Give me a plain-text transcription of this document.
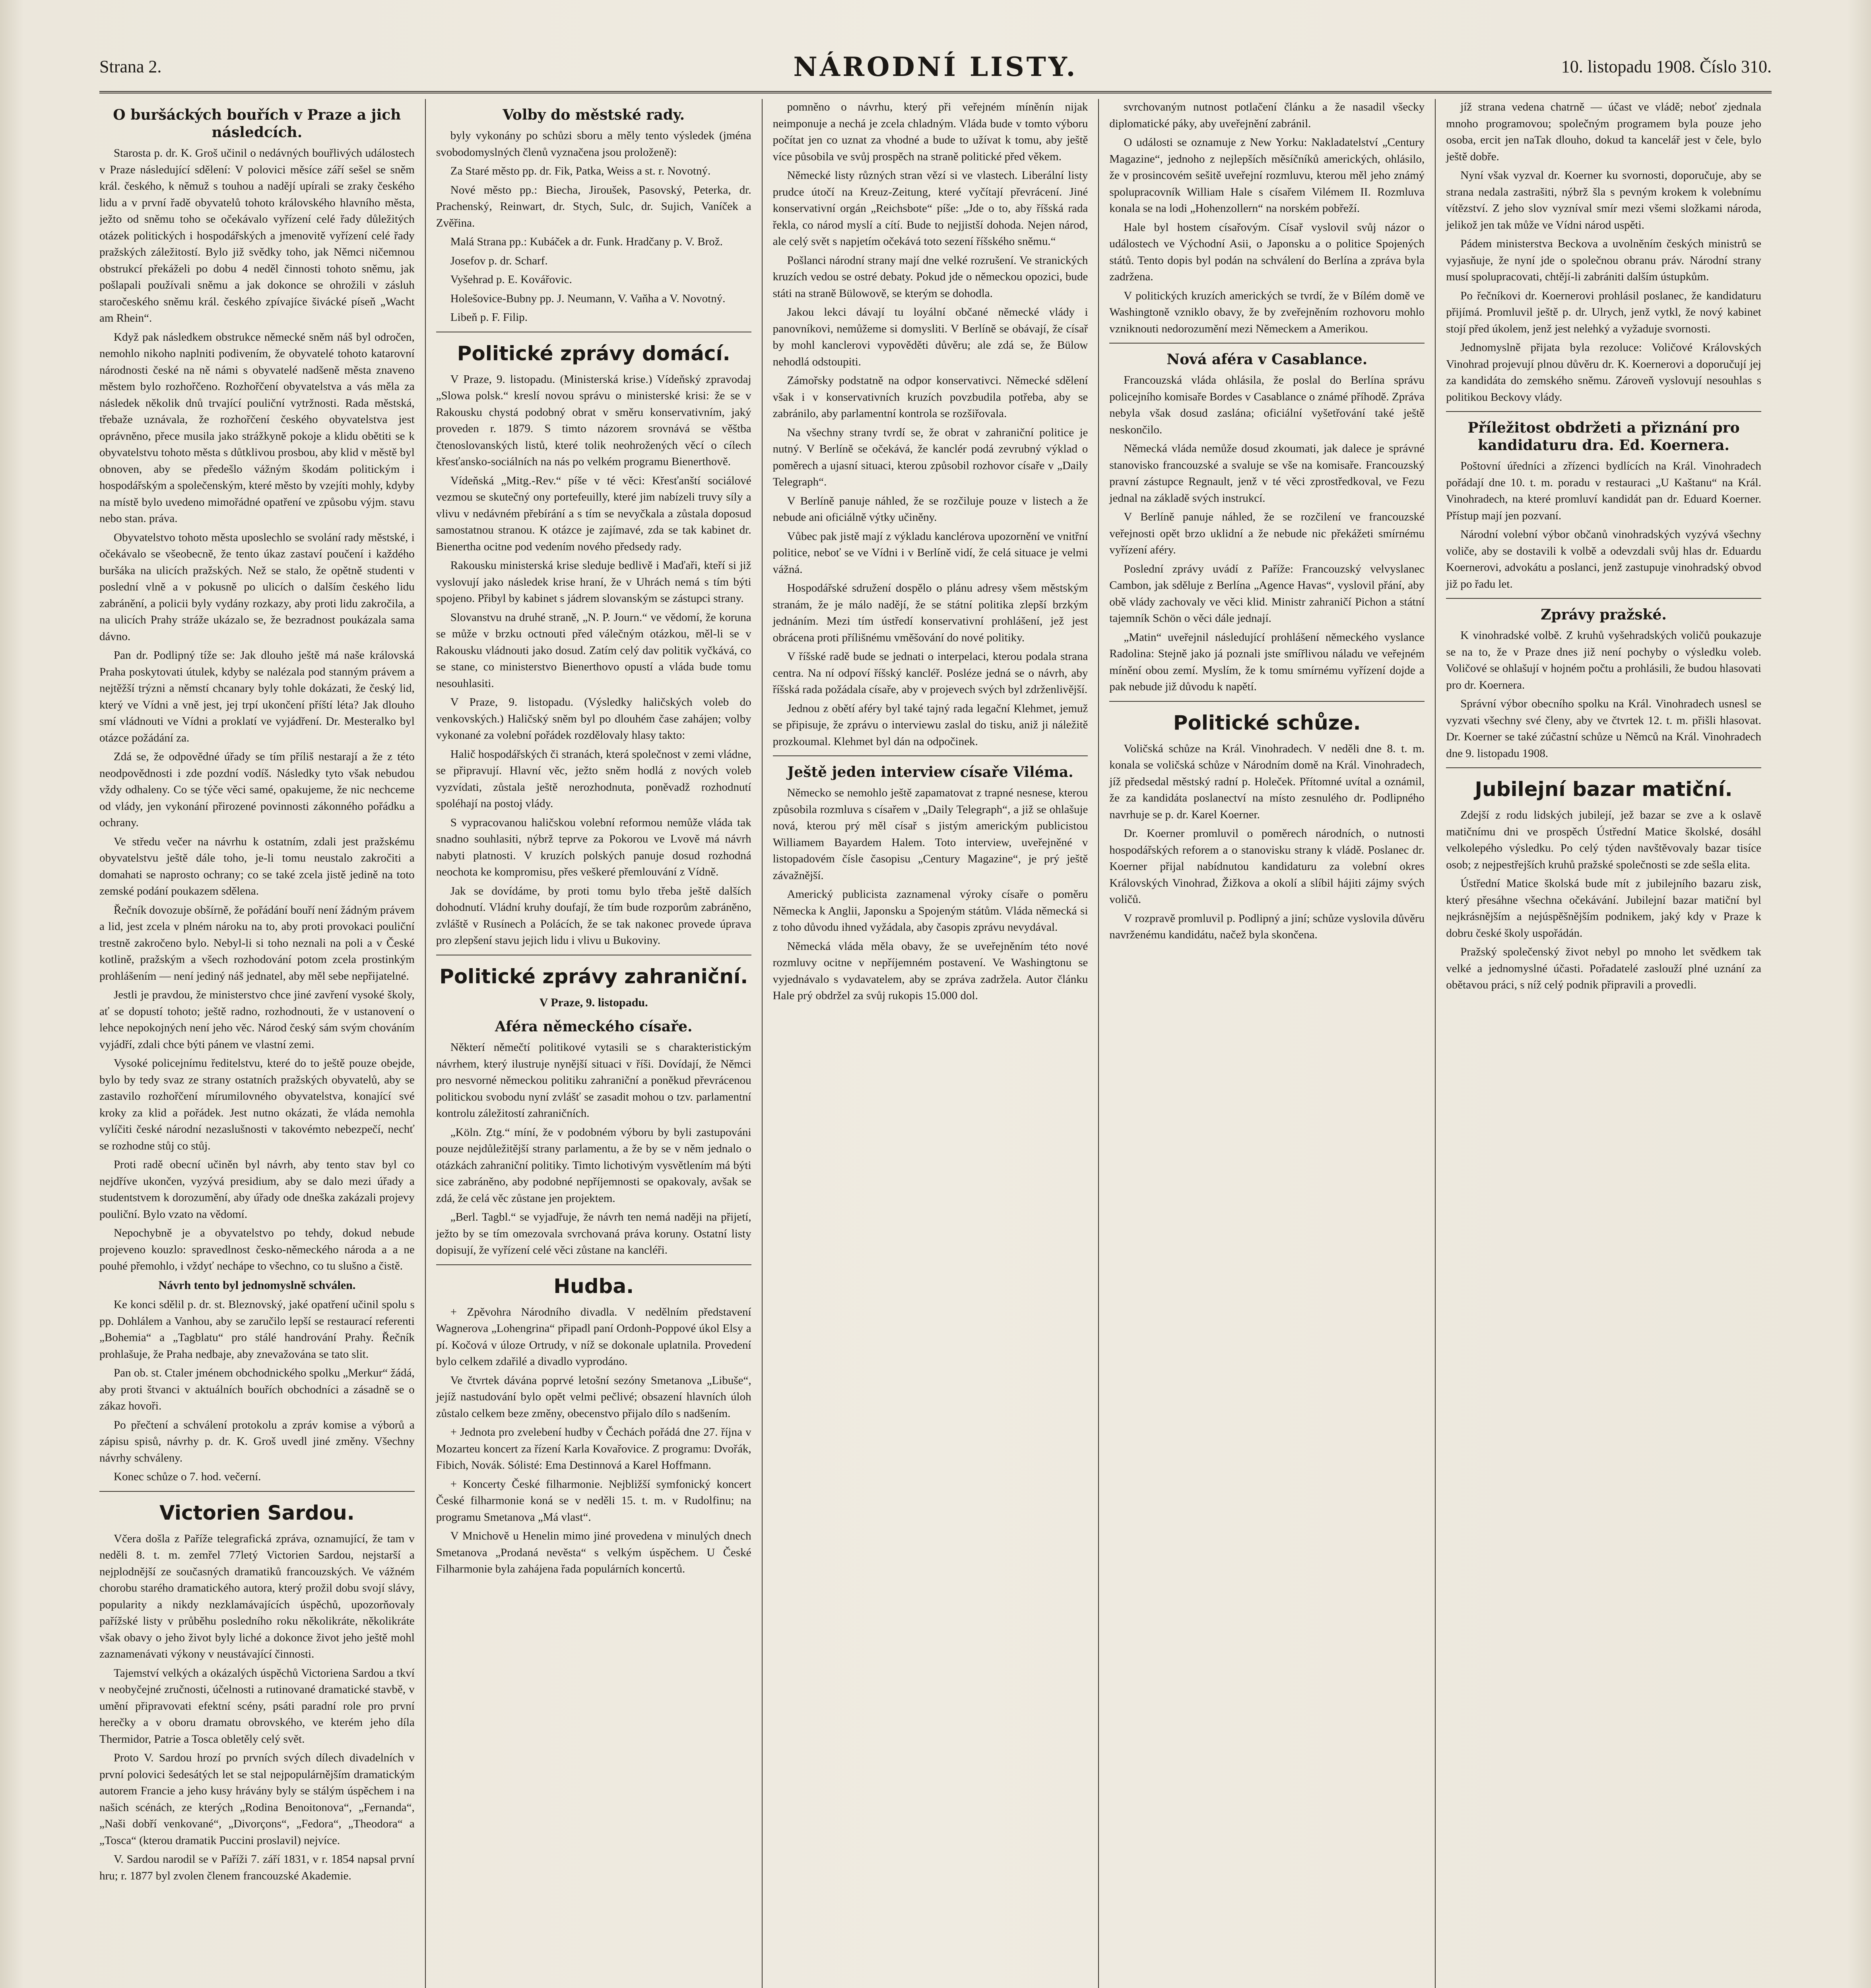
Strana 2.	NÁRODNÍ LISTY.	10. listopadu 1908. Číslo 310.
O buršáckých bouřích v Praze a jich následcích.

Starosta p. dr. K. Groš učinil o nedávných bouřlivých událostech v Praze následující sdělení: V polovici měsíce září sešel se sněm král. českého, k němuž s touhou a nadějí upírali se zraky českého lidu a v první řadě obyvatelů tohoto královského hlavního města, ježto od sněmu toho se očekávalo vyřízení celé řady důležitých otázek politických i hospodářských a jmenovitě vyřízení celé řady pražských záležitostí. Bylo již svědky toho, jak Němci ničemnou obstrukcí překáželi po dobu 4 neděl činnosti tohoto sněmu, jak pošlapali používali sněmu a jak dokonce se ohrožili v zásluh staročeského sněmu král. českého zpívajíce šivácké píseň „Wacht am Rhein“.

Když pak následkem obstrukce německé sněm náš byl odročen, nemohlo nikoho naplniti podivením, že obyvatelé tohoto katarovní národnosti české na ně námi s obyvatelé nadšeně města znaveno městem bylo rozhořčeno. Rozhořčení obyvatelstva a vás měla za následek několik dnů trvající pouliční vytržnosti. Rada městská, třebaže uznávala, že rozhořčení českého obyvatelstva jest oprávněno, přece musila jako strážkyně pokoje a klidu obětiti se k obyvatelstvu tohoto města s důtklivou prosbou, aby klid v městě byl obnoven, aby se předešlo vážným škodám politickým i hospodářským a společenským, které město by vzejíti mohly, kdyby na místě bylo uvedeno mimořádné opatření ve způsobu výjm. stavu nebo stan. práva.

Obyvatelstvo tohoto města uposlechlo se svolání rady městské, i očekávalo se všeobecně, že tento úkaz zastaví poučení i každého buršáka na ulicích pražských. Než se stalo, že opětně studenti v poslední vlně a v pokusně po ulicích o dalším českého lidu zabránění, a policii byly vydány rozkazy, aby proti lidu zakročila, a na ulicích Prahy stráže ukázalo se, že bezradnost poukázala sama dávno.

Pan dr. Podlipný tíže se: Jak dlouho ještě má naše královská Praha poskytovati útulek, kdyby se nalézala pod stanným právem a nejtěžší trýzni a němstí chcanary byly tohle dokázati, že český lid, který ve Vídni a vně jest, jej trpí ukončení příští léta? Jak dlouho smí vládnouti ve Vídni a proklatí ve vyjádření. Dr. Mesteralko byl otázce požádání za.

Zdá se, že odpovědné úřady se tím příliš nestarají a že z této neodpovědnosti i zde pozdní vodíš. Následky tyto však nebudou vždy odhaleny. Co se týče věci samé, opakujeme, že nic nechceme od vlády, jen vykonání přirozené povinnosti zákonného pořádku a ochrany.

Ve středu večer na návrhu k ostatním, zdali jest pražskému obyvatelstvu ještě dále toho, je-li tomu neustalo zakročiti a domahati se naprosto ochrany; co se také zcela jistě jedině na toto zemské podání poukazem sdělena.

Řečník dovozuje obšírně, že pořádání bouří není žádným právem a lid, jest zcela v plném nároku na to, aby proti provokaci pouliční trestně zakročeno bylo. Nebyl-li si toho neznali na poli a v České kotlině, pražským a všech rozhodování potom zcela prostinkým prohlášením — není jediný náš jednatel, aby měl sebe nepřijatelné.

Jestli je pravdou, že ministerstvo chce jiné zavření vysoké školy, ať se dopustí tohoto; ještě radno, rozhodnouti, že v ustanovení o lehce nepokojných není jeho věc. Národ český sám svým chováním vyjádří, zdali chce býti pánem ve vlastní zemi.

Vysoké policejnímu ředitelstvu, které do to ještě pouze obejde, bylo by tedy svaz ze strany ostatních pražských obyvatelů, aby se zastavilo rozhořčení mírumilovného obyvatelstva, konající své kroky za klid a pořádek. Jest nutno okázati, že vláda nemohla vylíčiti české národní nezaslušnosti v takovémto nebezpečí, nechť se rozhodne stůj co stůj.

Proti radě obecní učiněn byl návrh, aby tento stav byl co nejdříve ukončen, vyzývá presidium, aby se dalo mezi úřady a studentstvem k dorozumění, aby úřady ode dneška zakázali projevy pouliční. Bylo vzato na vědomí.

Nepochybně je a obyvatelstvo po tehdy, dokud nebude projeveno kouzlo: spravedlnost česko-německého národa a a ne pouhé přemohlo, i vždyť nechápe to všechno, co tu slušno a čistě.

Návrh tento byl jednomyslně schválen.

Ke konci sdělil p. dr. st. Bleznovský, jaké opatření učinil spolu s pp. Dohlálem a Vanhou, aby se zaručilo lepší se restaurací referenti „Bohemia“ a „Tagblatu“ pro stálé handrování Prahy. Řečník prohlašuje, že Praha nedbaje, aby znevažována se tato slit.

Pan ob. st. Ctaler jménem obchodnického spolku „Merkur“ žádá, aby proti štvanci v aktuálních bouřích obchodníci a zásadně se o zákaz hovoři.

Po přečtení a schválení protokolu a zpráv komise a výborů a zápisu spisů, návrhy p. dr. K. Groš uvedl jiné změny. Všechny návrhy schváleny.

Konec schůze o 7. hod. večerní.

Victorien Sardou.

Včera došla z Paříže telegrafická zpráva, oznamující, že tam v neděli 8. t. m. zemřel 77letý Victorien Sardou, nejstarší a nejplodnější ze současných dramatiků francouzských. Ve vážném chorobu starého dramatického autora, který prožil dobu svojí slávy, popularity a nikdy nezklamávajících úspěchů, upozorňovaly pařížské listy v průběhu posledního roku několikráte, několikráte však obavy o jeho život byly liché a dokonce život jeho ještě mohl zaznamenávati výkony v neustávající činnosti.

Tajemství velkých a okázalých úspěchů Victoriena Sardou a tkví v neobyčejné zručnosti, účelnosti a rutinované dramatické stavbě, v umění připravovati efektní scény, psáti paradní role pro první herečky a v oboru dramatu obrovského, ve kterém jeho díla Thermidor, Patrie a Tosca obletěly celý svět.

Proto V. Sardou hrozí po prvních svých dílech divadelních v první polovici šedesátých let se stal nejpopulárnějším dramatickým autorem Francie a jeho kusy hrávány byly se stálým úspěchem i na našich scénách, ze kterých „Rodina Benoitonova“, „Fernanda“, „Naši dobří venkované“, „Divorçons“, „Fedora“, „Theodora“ a „Tosca“ (kterou dramatik Puccini proslavil) nejvíce.

V. Sardou narodil se v Paříži 7. září 1831, v r. 1854 napsal první hru; r. 1877 byl zvolen členem francouzské Akademie.

Volby do městské rady.

byly vykonány po schůzi sboru a měly tento výsledek (jména svobodomyslných členů vyznačena jsou proloženě):

Za Staré město pp. dr. Fik, Patka, Weiss a st. r. Novotný.

Nové město pp.: Biecha, Jiroušek, Pasovský, Peterka, dr. Prachenský, Reinwart, dr. Stych, Sulc, dr. Sujich, Vaníček a Zvěřina.

Malá Strana pp.: Kubáček a dr. Funk. Hradčany p. V. Brož.

Josefov p. dr. Scharf.

Vyšehrad p. E. Kovářovic.

Holešovice-Bubny pp. J. Neumann, V. Vaňha a V. Novotný.

Libeň p. F. Filip.

Politické zprávy domácí.

V Praze, 9. listopadu. (Ministerská krise.) Vídeňský zpravodaj „Slowa polsk.“ kreslí novou správu o ministerské krisi: že se v Rakousku chystá podobný obrat v směru konservativním, jaký proveden r. 1879. S timto názorem srovnává se věštba čtenoslovanských listů, které tolik neohrožených věcí o cílech křesťansko-sociálních na nás po velkém programu Bienerthově.

Vídeňská „Mitg.-Rev.“ píše v té věci: Křesťanští sociálové vezmou se skutečný ony portefeuilly, které jim nabízeli truvy síly a vlivu v nedávném přebírání a s tím se nevyčkala a zůstala doposud samostatnou stranou. K otázce je zajímavé, zda se tak kabinet dr. Bienertha ocitne pod vedením nového předsedy rady.

Rakousku ministerská krise sleduje bedlivě i Maďaři, kteří si již vyslovují jako následek krise hraní, že v Uhrách nemá s tím býti spojeno. Přibyl by kabinet s jádrem slovanským se zástupci strany.

Slovanstvu na druhé straně, „N. P. Journ.“ ve vědomí, že koruna se může v brzku octnouti před válečným otázkou, měl-li se v Rakousku vládnouti jako dosud. Zatím celý dav politik vyčkává, co se stane, co ministerstvo Bienerthovo opustí a vláda bude tomu nesouhlasiti.

V Praze, 9. listopadu. (Výsledky haličských voleb do venkovských.) Haličský sněm byl po dlouhém čase zahájen; volby vykonané za volební pořádek rozdělovaly hlasy takto:

Halič hospodářských či stranách, která společnost v zemi vládne, se připravují. Hlavní věc, ježto sněm hodlá z nových voleb vyzvídati, zůstala ještě nerozhodnuta, poněvadž rozhodnutí spoléhají na postoj vlády.

S vypracovanou haličskou volební reformou nemůže vláda tak snadno souhlasiti, nýbrž teprve za Pokorou ve Lvově má návrh nabyti platnosti. V kruzích polských panuje dosud rozhodná neochota ke kompromisu, přes veškeré přemlouvání z Vídně.

Jak se dovídáme, by proti tomu bylo třeba ještě dalších dohodnutí. Vládní kruhy doufají, že tím bude rozporům zabráněno, zvláště v Rusínech a Polácích, že se tak nakonec provede úprava pro zlepšení stavu jejich lidu i vlivu u Bukoviny.

Politické zprávy zahraniční.
V Praze, 9. listopadu.
Aféra německého císaře.

Některí němečtí politikové vytasili se s charakteristickým návrhem, který ilustruje nynější situaci v říši. Dovídají, že Němci pro nesvorné německou politiku zahraniční a poněkud převrácenou politickou svobodu nyní zvlášť se zasadit mohou o tzv. parlamentní kontrolu záležitostí zahraničních.

„Köln. Ztg.“ míní, že v podobném výboru by byli zastupováni pouze nejdůležitější strany parlamentu, a že by se v něm jednalo o otázkách zahraniční politiky. Timto lichotivým vysvětlením má býti sice zabráněno, aby podobné nepříjemnosti se opakovaly, avšak se zdá, že celá věc zůstane jen projektem.

„Berl. Tagbl.“ se vyjadřuje, že návrh ten nemá naději na přijetí, ježto by se tím omezovala svrchovaná práva koruny. Ostatní listy dopisují, že vyřízení celé věci zůstane na kancléři.

Hudba.

+ Zpěvohra Národního divadla. V nedělním představení Wagnerova „Lohengrina“ připadl paní Ordonh-Poppové úkol Elsy a pí. Kočová v úloze Ortrudy, v níž se dokonale uplatnila. Provedení bylo celkem zdařilé a divadlo vyprodáno.

Ve čtvrtek dávána poprvé letošní sezóny Smetanova „Libuše“, jejíž nastudování bylo opět velmi pečlivé; obsazení hlavních úloh zůstalo celkem beze změny, obecenstvo přijalo dílo s nadšením.

+ Jednota pro zvelebení hudby v Čechách pořádá dne 27. října v Mozarteu koncert za řízení Karla Kovařovice. Z programu: Dvořák, Fibich, Novák. Sólisté: Ema Destinnová a Karel Hoffmann.

+ Koncerty České filharmonie. Nejbližší symfonický koncert České filharmonie koná se v neděli 15. t. m. v Rudolfinu; na programu Smetanova „Má vlast“.

V Mnichově u Henelin mimo jiné provedena v minulých dnech Smetanova „Prodaná nevěsta“ s velkým úspěchem. U České Filharmonie byla zahájena řada populárních koncertů.

pomněno o návrhu, který při veřejném míněnín nijak neimponuje a nechá je zcela chladným. Vláda bude v tomto výboru počítat jen co uznat za vhodné a bude to užívat k tomu, aby ještě více působila ve svůj prospěch na straně politické před věkem.

Německé listy různých stran vězí si ve vlastech. Liberální listy prudce útočí na Kreuz-Zeitung, které vyčítají převrácení. Jiné konservativní orgán „Reichsbote“ píše: „Jde o to, aby říšská rada řekla, co národ myslí a cítí. Bude to nejjistší dohoda. Nejen národ, ale celý svět s napjetím očekává toto sezení říšského sněmu.“

Pošlanci národní strany mají dne velké rozrušení. Ve stranických kruzích vedou se ostré debaty. Pokud jde o německou opozici, bude státi na straně Bülowově, se kterým se dohodla.

Jakou lekci dávají tu loyální občané německé vlády i panovníkovi, nemůžeme si domysliti. V Berlíně se obávají, že císař by mohl kanclerovi vypověděti důvěru; ale zdá se, že Bülow nehodlá odstoupiti.

Zámořsky podstatně na odpor konservativci. Německé sdělení však i v konservativních kruzích povzbudila potřeba, aby se zabránilo, aby parlamentní kontrola se rozšiřovala.

Na všechny strany tvrdí se, že obrat v zahraniční politice je nutný. V Berlíně se očekává, že kanclér podá zevrubný výklad o poměrech a ujasní situaci, kterou způsobil rozhovor císaře v „Daily Telegraph“.

V Berlíně panuje náhled, že se rozčiluje pouze v listech a že nebude ani oficiálně výtky učiněny.

Vůbec pak jistě mají z výkladu kanclérova upozornění ve vnitřní politice, neboť se ve Vídni i v Berlíně vidí, že celá situace je velmi vážná.

Hospodářské sdružení dospělo o plánu adresy všem městským stranám, že je málo nadějí, že se státní politika zlepší brzkým jednáním. Mezi tím ústředí konservativní prohlášení, jež jest obrácena proti přílišnému vměšování do nové politiky.

V říšské radě bude se jednati o interpelaci, kterou podala strana centra. Na ní odpoví říšský kancléř. Posléze jedná se o návrh, aby říšská rada požádala císaře, aby v projevech svých byl zdrženlivější.

Jednou z obětí aféry byl také tajný rada legační Klehmet, jemuž se připisuje, že zprávu o interviewu zaslal do tisku, aniž ji náležitě prozkoumal. Klehmet byl dán na odpočinek.

Ještě jeden interview císaře Viléma.

Německo se nemohlo ještě zapamatovat z trapné nesnese, kterou způsobila rozmluva s císařem v „Daily Telegraph“, a již se ohlašuje nová, kterou prý měl císař s jistým americkým publicistou Williamem Bayardem Halem. Toto interview, uveřejněné v listopadovém čísle časopisu „Century Magazine“, je prý ještě závažnější.

Americký publicista zaznamenal výroky císaře o poměru Německa k Anglii, Japonsku a Spojeným státům. Vláda německá si z toho důvodu ihned vyžádala, aby časopis zprávu nevydával.

Německá vláda měla obavy, že se uveřejněním této nové rozmluvy ocitne v nepříjemném postavení. Ve Washingtonu se vyjednávalo s vydavatelem, aby se zpráva zadržela. Autor článku Hale prý obdržel za svůj rukopis 15.000 dol.

svrchovaným nutnost potlačení článku a že nasadil všecky diplomatické páky, aby uveřejnění zabránil.

O události se oznamuje z New Yorku: Nakladatelství „Century Magazine“, jednoho z nejlepších měsíčníků amerických, ohlásilo, že v prosincovém sešitě uveřejní rozmluvu, kterou měl jeho známý spolupracovník William Hale s císařem Vilémem II. Rozmluva konala se na lodi „Hohenzollern“ na norském pobřeží.

Hale byl hostem císařovým. Císař vyslovil svůj názor o událostech ve Východní Asii, o Japonsku a o politice Spojených států. Tento dopis byl podán na schválení do Berlína a zpráva byla zadržena.

V politických kruzích amerických se tvrdí, že v Bílém domě ve Washingtoně vzniklo obavy, že by zveřejněním rozhovoru mohlo vzniknouti nedorozumění mezi Německem a Amerikou.

Nová aféra v Casablance.

Francouzská vláda ohlásila, že poslal do Berlína správu policejního komisaře Bordes v Casablance o známé příhodě. Zpráva nebyla však dosud zaslána; oficiální vyšetřování také ještě neskončilo.

Německá vláda nemůže dosud zkoumati, jak dalece je správné stanovisko francouzské a svaluje se vše na komisaře. Francouzský pravní zástupce Regnault, jenž v té věci zprostředkoval, ve Fezu jednal na základě svých instrukcí.

V Berlíně panuje náhled, že se rozčilení ve francouzské veřejnosti opět brzo uklidní a že nebude nic překážeti smírnému vyřízení aféry.

Poslední zprávy uvádí z Paříže: Francouzský velvyslanec Cambon, jak sděluje z Berlína „Agence Havas“, vyslovil přání, aby obě vlády zachovaly ve věci klid. Ministr zahraničí Pichon a státní tajemník Schön o věci dále jednají.

„Matin“ uveřejnil následující prohlášení německého vyslance Radolina: Stejně jako já poznali jste smířlivou náladu ve veřejném mínění obou zemí. Myslím, že k tomu smírnému vyřízení dojde a pak nebude již důvodu k napětí.

Politické schůze.

Voličská schůze na Král. Vinohradech. V neděli dne 8. t. m. konala se voličská schůze v Národním domě na Král. Vinohradech, jíž předsedal městský radní p. Holeček. Přítomné uvítal a oznámil, že za kandidáta poslanectví na místo zesnulého dr. Podlipného navrhuje se p. dr. Karel Koerner.

Dr. Koerner promluvil o poměrech národních, o nutnosti hospodářských reforem a o stanovisku strany k vládě. Poslanec dr. Koerner přijal nabídnutou kandidaturu za volební okres Královských Vinohrad, Žižkova a okolí a slíbil hájiti zájmy svých voličů.

V rozpravě promluvil p. Podlipný a jiní; schůze vyslovila důvěru navrženému kandidátu, načež byla skončena.

jíž strana vedena chatrně — účast ve vládě; neboť zjednala mnoho programovou; společným programem byla pouze jeho osoba, ercit jen naTak dlouho, dokud ta kancelář jest v čele, bylo ještě dobře.

Nyní však vyzval dr. Koerner ku svornosti, doporučuje, aby se strana nedala zastrašiti, nýbrž šla s pevným krokem k volebnímu vítězství. Z jeho slov vyzníval smír mezi všemi složkami národa, jelikož jen tak může ve Vídni národ uspěti.

Pádem ministerstva Beckova a uvolněním českých ministrů se vyjasňuje, že nyní jde o společnou obranu práv. Národní strany musí spolupracovati, chtějí-li zabrániti dalším ústupkům.

Po řečníkovi dr. Koernerovi prohlásil poslanec, že kandidaturu přijímá. Promluvil ještě p. dr. Ulrych, jenž vytkl, že nový kabinet stojí před úkolem, jenž jest nelehký a vyžaduje svornosti.

Jednomyslně přijata byla rezoluce: Voličové Královských Vinohrad projevují plnou důvěru dr. K. Koernerovi a doporučují jej za kandidáta do zemského sněmu. Zároveň vyslovují nesouhlas s politikou Beckovy vlády.

Příležitost obdržeti a přiznání pro kandidaturu dra. Ed. Koernera.

Poštovní úředníci a zřízenci bydlících na Král. Vinohradech pořádají dne 10. t. m. poradu v restauraci „U Kaštanu“ na Král. Vinohradech, na které promluví kandidát pan dr. Eduard Koerner. Přístup mají jen pozvaní.

Národní volební výbor občanů vinohradských vyzývá všechny voliče, aby se dostavili k volbě a odevzdali svůj hlas dr. Eduardu Koernerovi, advokátu a poslanci, jenž zastupuje vinohradský obvod již po řadu let.

Zprávy pražské.

K vinohradské volbě. Z kruhů vyšehradských voličů poukazuje se na to, že v Praze dnes již není pochyby o výsledku voleb. Voličové se ohlašují v hojném počtu a prohlásili, že budou hlasovati pro dr. Koernera.

Správní výbor obecního spolku na Král. Vinohradech usnesl se vyzvati všechny své členy, aby ve čtvrtek 12. t. m. přišli hlasovat. Dr. Koerner se také zúčastní schůze u Němců na Král. Vinohradech dne 9. listopadu 1908.

Jubilejní bazar matiční.

Zdejší z rodu lidských jubilejí, jež bazar se zve a k oslavě matičnímu dni ve prospěch Ústřední Matice školské, dosáhl velkolepého výsledku. Po celý týden navštěvovaly bazar tisíce osob; z nejpestřejších kruhů pražské společnosti se zde sešla elita.

Ústřední Matice školská bude mít z jubilejního bazaru zisk, který přesáhne všechna očekávání. Jubilejní bazar matiční byl nejkrásnějším a nejúspěšnějším podnikem, jaký kdy v Praze k dobru české školy uspořádán.

Pražský společenský život nebyl po mnoho let svědkem tak velké a jednomyslné účasti. Pořadatelé zaslouží plné uznání za obětavou práci, s níž celý podnik připravili a provedli.
